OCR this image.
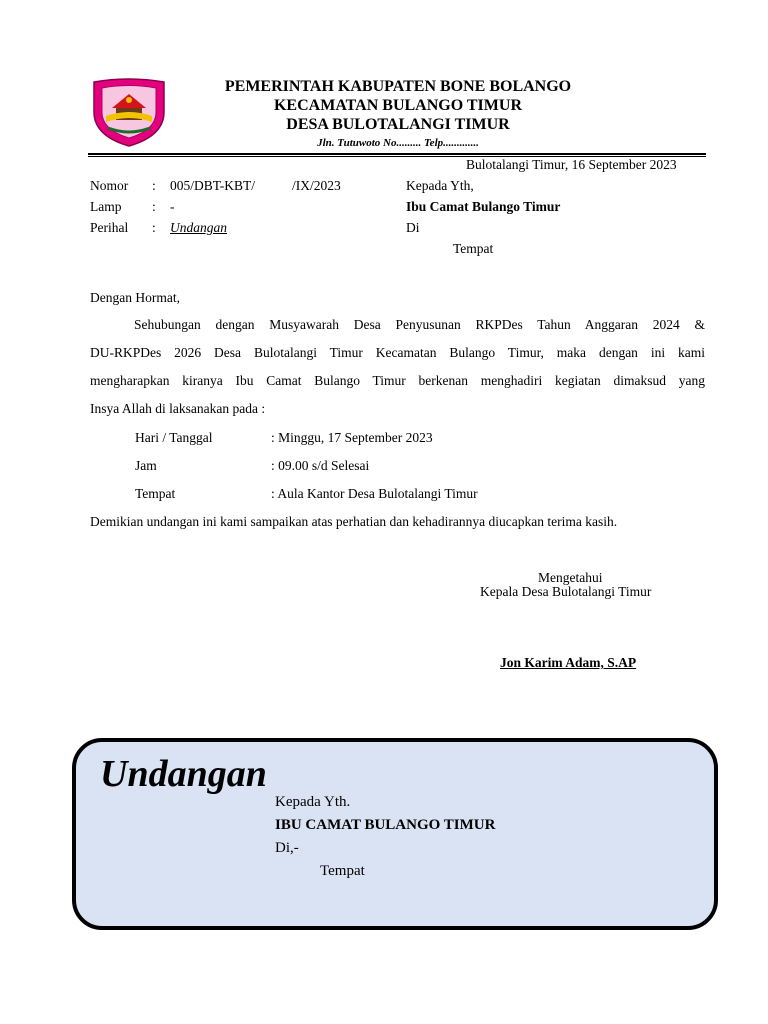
PEMERINTAH KABUPATEN BONE BOLANGO
KECAMATAN BULANGO TIMUR
DESA BULOTALANGI TIMUR
Jln. Tutuwoto No......... Telp.............
Bulotalangi Timur, 16 September 2023
Nomor : 005/DBT-KBT/	/IX/2023
Lamp : -
Perihal : Undangan
Kepada Yth,
Ibu Camat Bulango Timur
Di
Tempat
Dengan Hormat,
Sehubungan dengan Musyawarah Desa Penyusunan RKPDes Tahun Anggaran 2024 &
DU-RKPDes 2026 Desa Bulotalangi Timur Kecamatan Bulango Timur, maka dengan ini kami
mengharapkan kiranya Ibu Camat Bulango Timur berkenan menghadiri kegiatan dimaksud yang
Insya Allah di laksanakan pada :
Hari / Tanggal	: Minggu, 17 September 2023
Jam	: 09.00 s/d Selesai
Tempat	: Aula Kantor Desa Bulotalangi Timur
Demikian undangan ini kami sampaikan atas perhatian dan kehadirannya diucapkan terima kasih.
Mengetahui
Kepala Desa Bulotalangi Timur
Jon Karim Adam, S.AP
Undangan
Kepada Yth.
IBU CAMAT BULANGO TIMUR
Di,-
Tempat
